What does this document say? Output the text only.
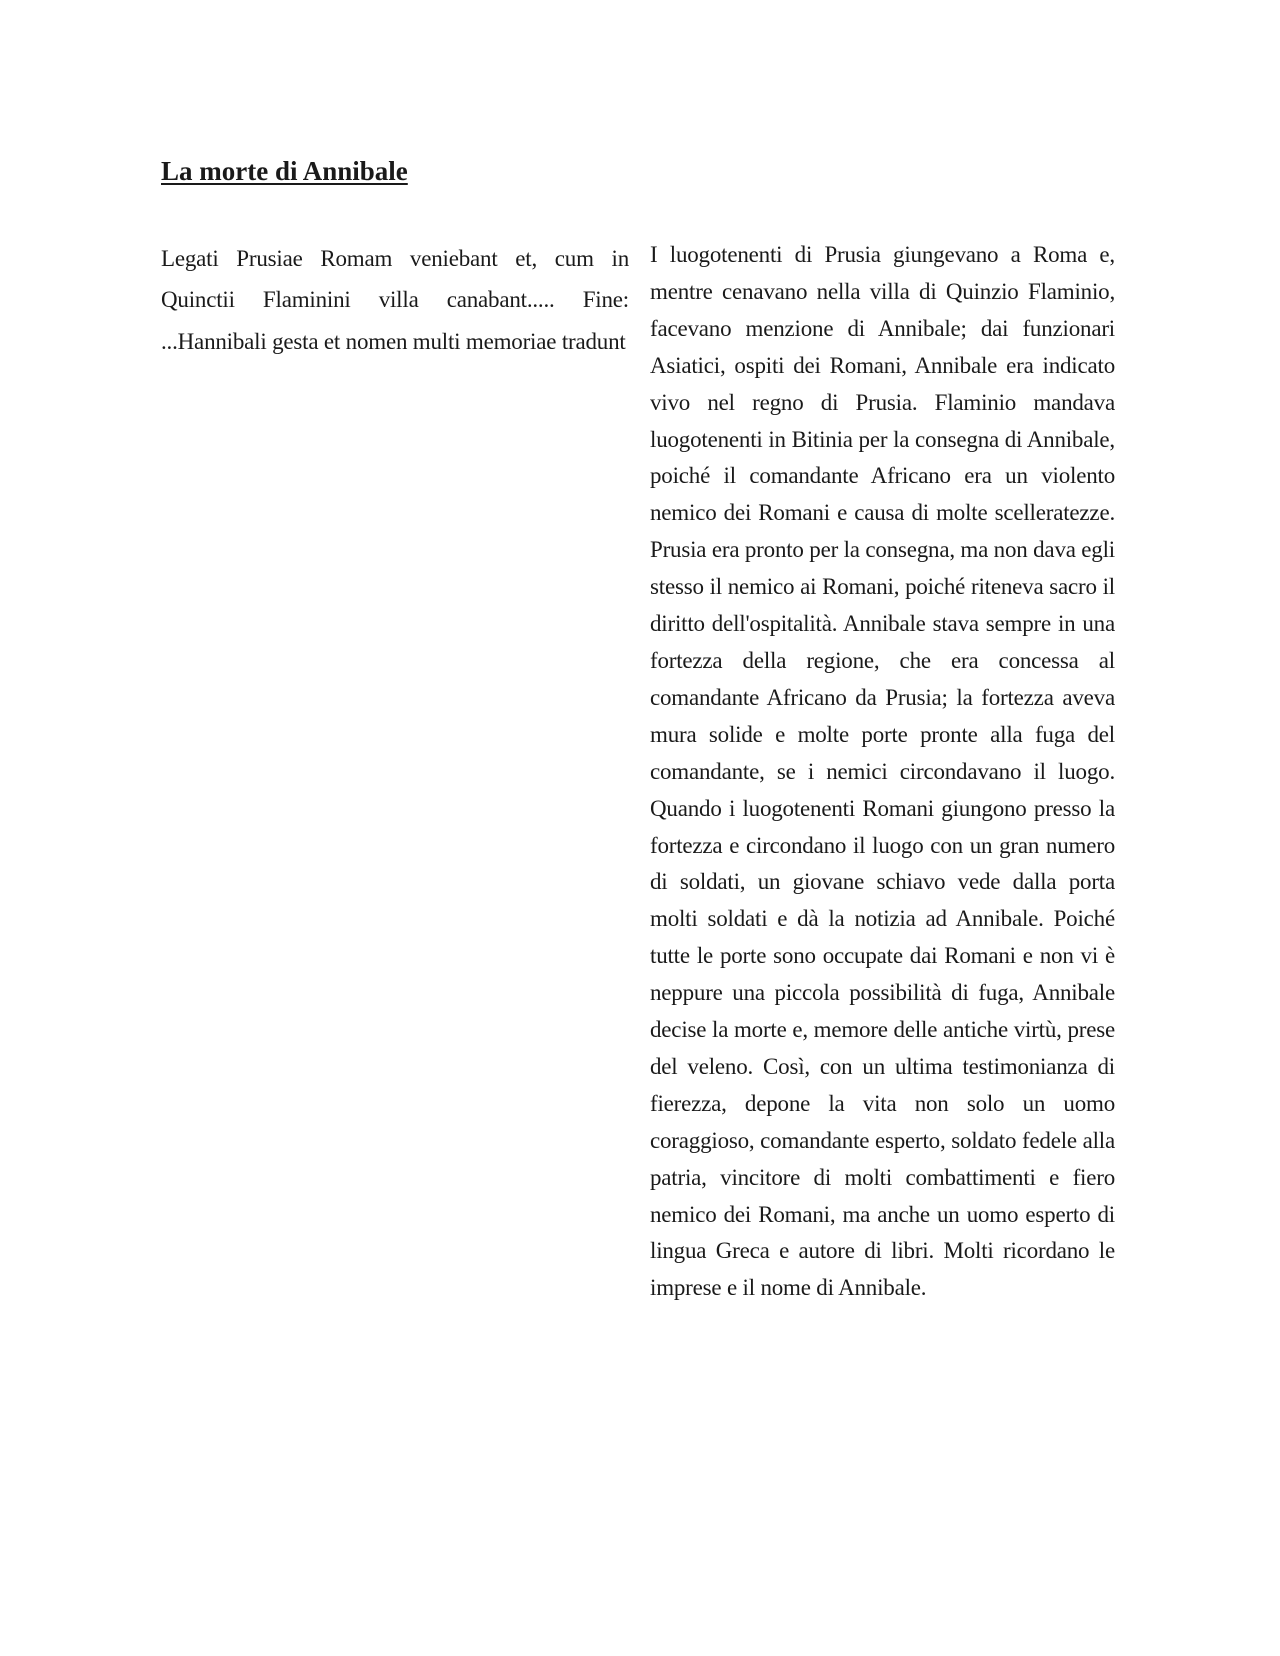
La morte di Annibale

Legati Prusiae Romam veniebant et, cum in Quinctii Flaminini villa canabant..... Fine: ...Hannibali gesta et nomen multi memoriae tradunt

I luogotenenti di Prusia giungevano a Roma e, mentre cenavano nella villa di Quinzio Flaminio, facevano menzione di Annibale; dai funzionari Asiatici, ospiti dei Romani, Annibale era indicato vivo nel regno di Prusia. Flaminio mandava luogotenenti in Bitinia per la consegna di Annibale, poiché il comandante Africano era un violento nemico dei Romani e causa di molte scelleratezze. Prusia era pronto per la consegna, ma non dava egli stesso il nemico ai Romani, poiché riteneva sacro il diritto dell'ospitalità. Annibale stava sempre in una fortezza della regione, che era concessa al comandante Africano da Prusia; la fortezza aveva mura solide e molte porte pronte alla fuga del comandante, se i nemici circondavano il luogo. Quando i luogotenenti Romani giungono presso la fortezza e circondano il luogo con un gran numero di soldati, un giovane schiavo vede dalla porta molti soldati e dà la notizia ad Annibale. Poiché tutte le porte sono occupate dai Romani e non vi è neppure una piccola possibilità di fuga, Annibale decise la morte e, memore delle antiche virtù, prese del veleno. Così, con un ultima testimonianza di fierezza, depone la vita non solo un uomo coraggioso, comandante esperto, soldato fedele alla patria, vincitore di molti combattimenti e fiero nemico dei Romani, ma anche un uomo esperto di lingua Greca e autore di libri. Molti ricordano le imprese e il nome di Annibale.
